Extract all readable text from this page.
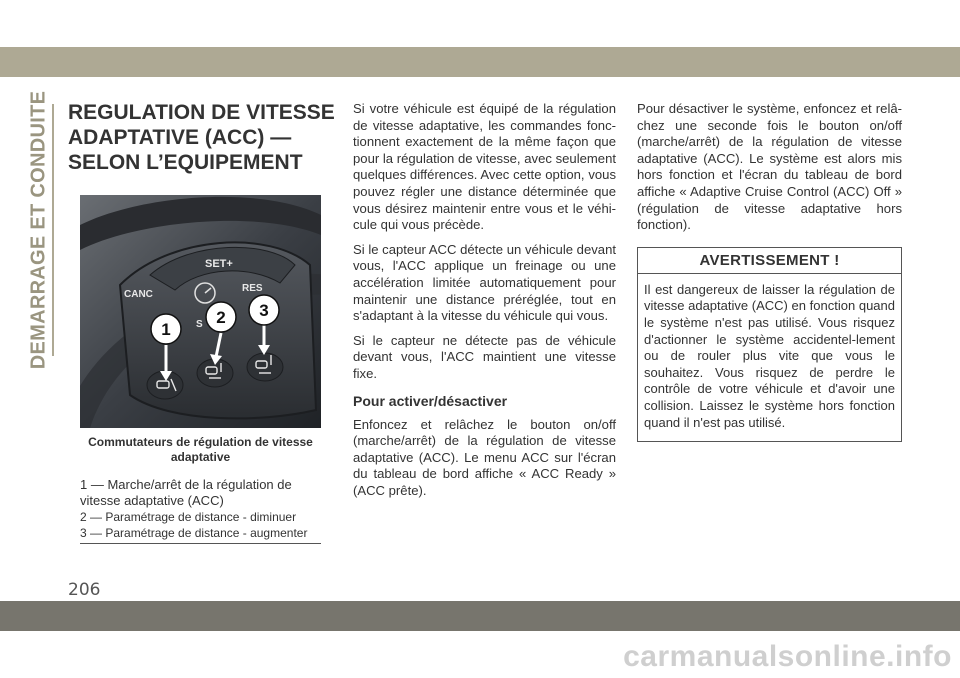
DEMARRAGE ET CONDUITE REGULATION DE VITESSE
ADAPTATIVE (ACC) —
SELON L’EQUIPEMENT
SET+
CANC
RES
S
1
2 3

Commutateurs de régulation de vitesse adaptative

1 — Marche/arrêt de la régulation de vitesse adaptative (ACC)
2 — Paramétrage de distance - diminuer
3 — Paramétrage de distance - augmenter

Si votre véhicule est équipé de la régulation de vitesse adaptative, les commandes fonc-tionnent exactement de la même façon que pour la régulation de vitesse, avec seulement quelques différences. Avec cette option, vous pouvez régler une distance déterminée que vous désirez maintenir entre vous et le véhi-cule qui vous précède.

Si le capteur ACC détecte un véhicule devant vous, l'ACC applique un freinage ou une accélération limitée automatiquement pour maintenir une distance préréglée, tout en s'adaptant à la vitesse du véhicule qui vous.

Si le capteur ne détecte pas de véhicule devant vous, l'ACC maintient une vitesse fixe.

Pour activer/désactiver

Enfoncez et relâchez le bouton on/off (marche/arrêt) de la régulation de vitesse adaptative (ACC). Le menu ACC sur l'écran du tableau de bord affiche « ACC Ready » (ACC prête).

Pour désactiver le système, enfoncez et relâ-chez une seconde fois le bouton on/off (marche/arrêt) de la régulation de vitesse adaptative (ACC). Le système est alors mis hors fonction et l'écran du tableau de bord affiche « Adaptive Cruise Control (ACC) Off » (régulation de vitesse adaptative hors fonction).

AVERTISSEMENT !
Il est dangereux de laisser la régulation de vitesse adaptative (ACC) en fonction quand le système n'est pas utilisé. Vous risquez d'actionner le système accidentel-lement ou de rouler plus vite que vous le souhaitez. Vous risquez de perdre le contrôle de votre véhicule et d'avoir une collision. Laissez le système hors fonction quand il n'est pas utilisé.
206
carmanualsonline.info
